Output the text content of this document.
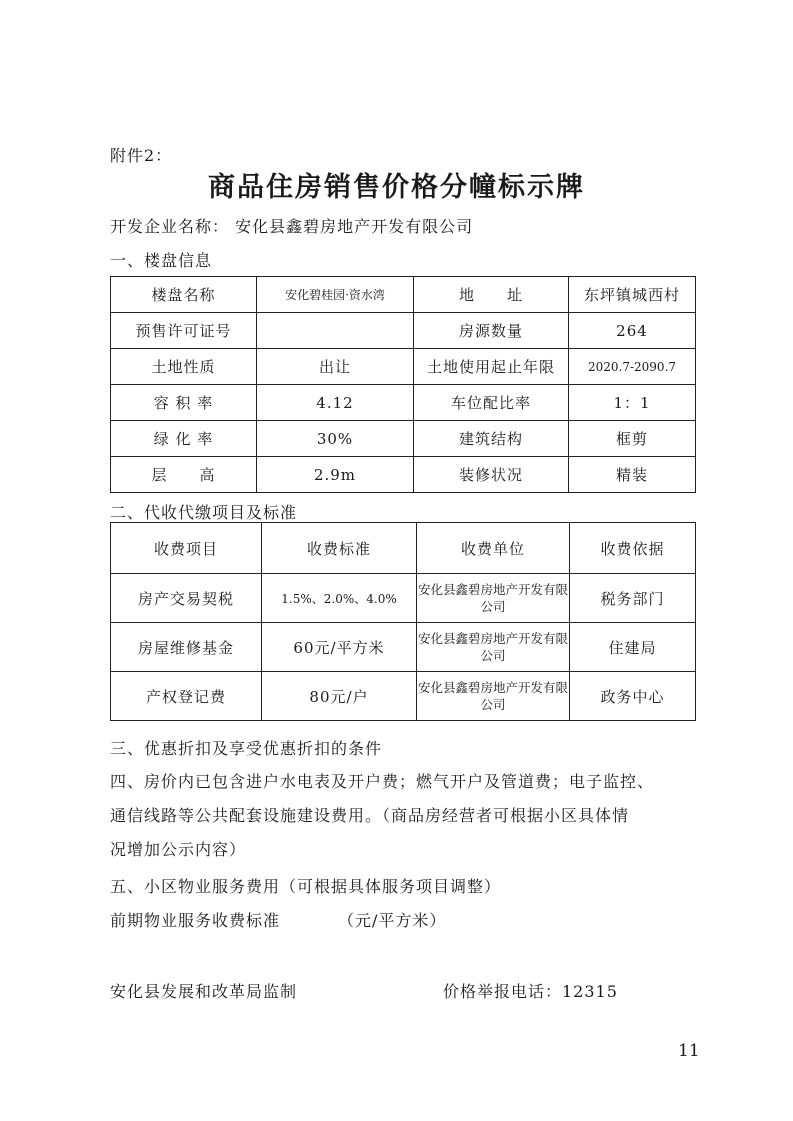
附件2：
商品住房销售价格分幢标示牌
开发企业名称： 安化县鑫碧房地产开发有限公司
一、楼盘信息
楼盘名称	安化碧桂园·资水湾	地　　址	东坪镇城西村
预售许可证号		房源数量	264
土地性质	出让	土地使用起止年限	2020.7-2090.7
容 积 率	4.12	车位配比率	1：1
绿 化 率	30%	建筑结构	框剪
层　　高	2.9m	装修状况	精装
二、代收代缴项目及标准
收费项目	收费标准	收费单位	收费依据
房产交易契税	1.5%、2.0%、4.0%	安化县鑫碧房地产开发有限公司	税务部门
房屋维修基金	60元/平方米	安化县鑫碧房地产开发有限公司	住建局
产权登记费	80元/户	安化县鑫碧房地产开发有限公司	政务中心
三、优惠折扣及享受优惠折扣的条件
四、房价内已包含进户水电表及开户费；燃气开户及管道费；电子监控、
通信线路等公共配套设施建设费用。（商品房经营者可根据小区具体情
况增加公示内容）
五、小区物业服务费用（可根据具体服务项目调整）
前期物业服务收费标准	（元/平方米）
安化县发展和改革局监制	价格举报电话：12315
11
